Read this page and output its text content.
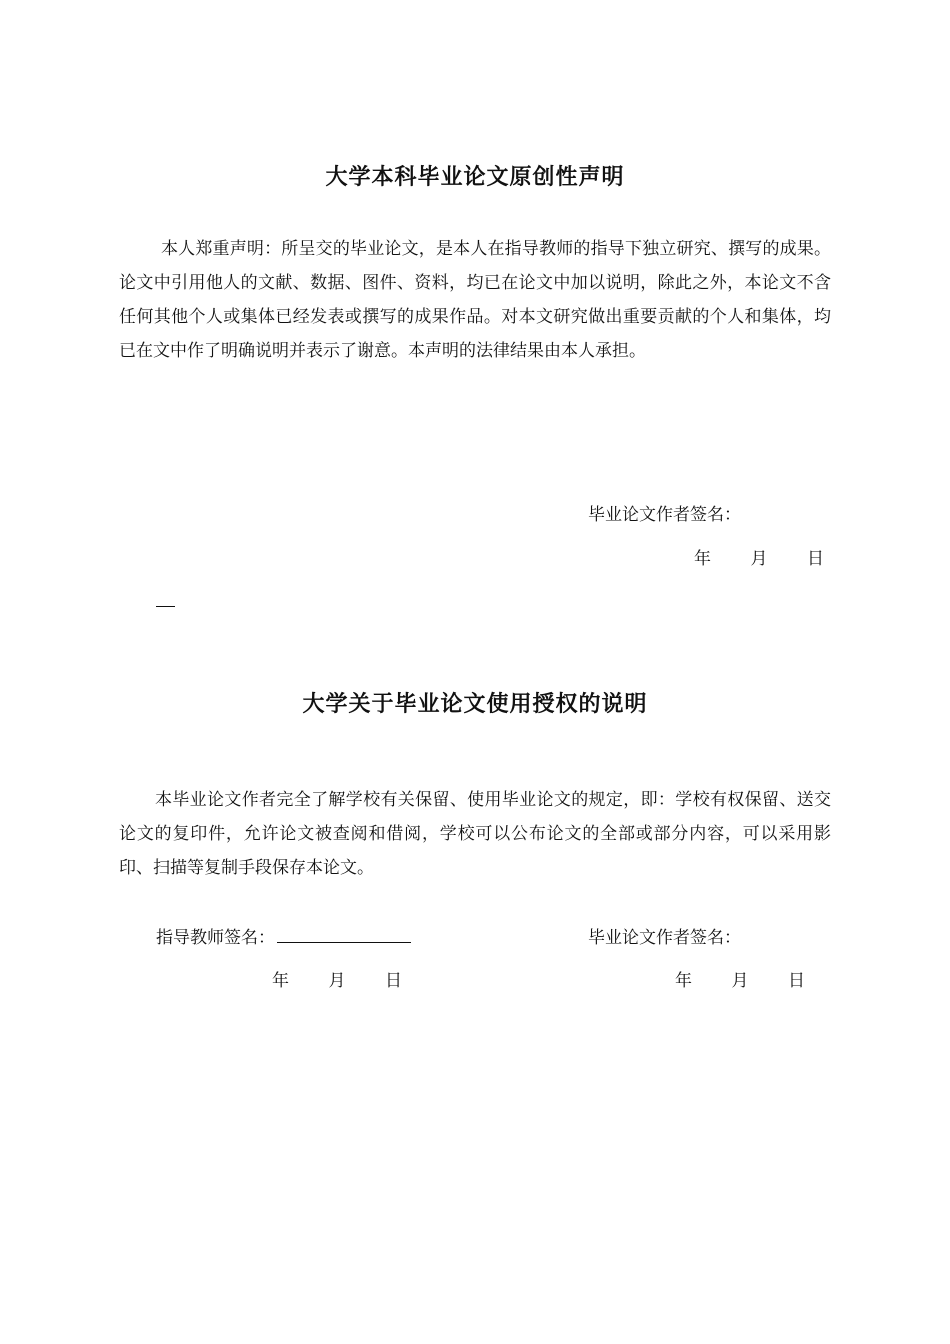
大学本科毕业论文原创性声明
本人郑重声明：所呈交的毕业论文，是本人在指导教师的指导下独立研究、撰写的成果。论文中引用他人的文献、数据、图件、资料，均已在论文中加以说明，除此之外，本论文不含任何其他个人或集体已经发表或撰写的成果作品。对本文研究做出重要贡献的个人和集体，均已在文中作了明确说明并表示了谢意。本声明的法律结果由本人承担。
毕业论文作者签名：
年 月 日
大学关于毕业论文使用授权的说明
本毕业论文作者完全了解学校有关保留、使用毕业论文的规定，即：学校有权保留、送交论文的复印件，允许论文被查阅和借阅，学校可以公布论文的全部或部分内容，可以采用影印、扫描等复制手段保存本论文。
指导教师签名：	毕业论文作者签名：
年 月 日	年 月 日
